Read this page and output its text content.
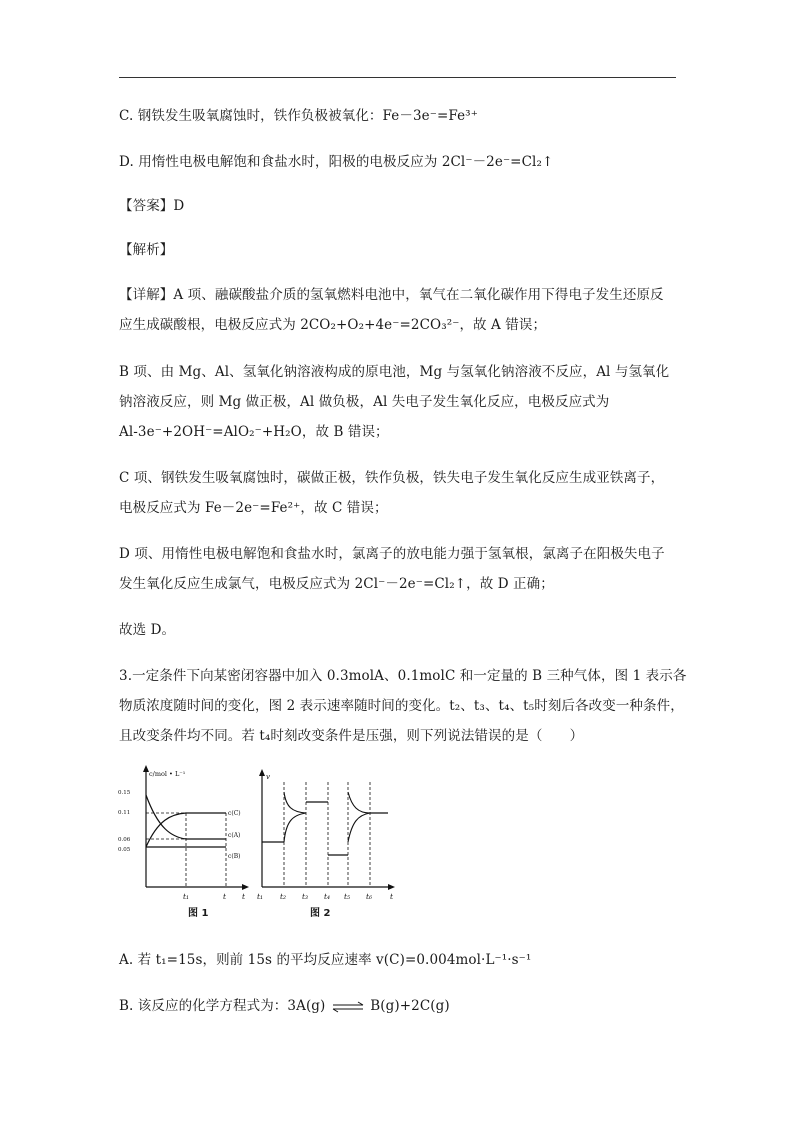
C. 钢铁发生吸氧腐蚀时，铁作负极被氧化：Fe－3e⁻=Fe³⁺
D. 用惰性电极电解饱和食盐水时，阳极的电极反应为 2Cl⁻－2e⁻=Cl₂↑
【答案】D
【解析】
【详解】A 项、融碳酸盐介质的氢氧燃料电池中，氧气在二氧化碳作用下得电子发生还原反
应生成碳酸根，电极反应式为 2CO₂+O₂+4e⁻=2CO₃²⁻，故 A 错误；
B 项、由 Mg、Al、氢氧化钠溶液构成的原电池，Mg 与氢氧化钠溶液不反应，Al 与氢氧化
钠溶液反应，则 Mg 做正极，Al 做负极，Al 失电子发生氧化反应，电极反应式为
Al-3e⁻+2OH⁻=AlO₂⁻+H₂O，故 B 错误；
C 项、钢铁发生吸氧腐蚀时，碳做正极，铁作负极，铁失电子发生氧化反应生成亚铁离子，
电极反应式为 Fe－2e⁻=Fe²⁺，故 C 错误；
D 项、用惰性电极电解饱和食盐水时，氯离子的放电能力强于氢氧根，氯离子在阳极失电子
发生氧化反应生成氯气，电极反应式为 2Cl⁻－2e⁻=Cl₂↑，故 D 正确；
故选 D。
3.一定条件下向某密闭容器中加入 0.3molA、0.1molC 和一定量的 B 三种气体，图 1 表示各
物质浓度随时间的变化，图 2 表示速率随时间的变化。t₂、t₃、t₄、t₅时刻后各改变一种条件，
且改变条件均不同。若 t₄时刻改变条件是压强，则下列说法错误的是（　　）
c/mol • L⁻¹
0.15
0.11
0.06
0.05
c(C)
c(A)
c(B)
t₁	t t
v
t₁ t₂ t₃ t₄ t₅ t₆ t
图 1	图 2
A. 若 t₁=15s，则前 15s 的平均反应速率 v(C)=0.004mol·L⁻¹·s⁻¹
B. 该反应的化学方程式为：3A(g) ⇌ B(g)+2C(g)
